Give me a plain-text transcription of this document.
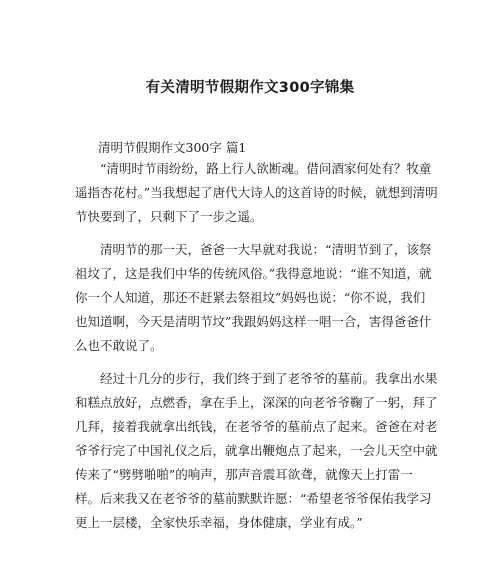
有关清明节假期作文300字锦集

清明节假期作文300字 篇1

“清明时节雨纷纷，路上行人欲断魂。借问酒家何处有？牧童
遥指杏花村。”当我想起了唐代大诗人的这首诗的时候，就想到清明
节快要到了，只剩下了一步之遥。
清明节的那一天，爸爸一大早就对我说：“清明节到了，该祭
祖坟了，这是我们中华的传统风俗。”我得意地说：“谁不知道，就
你一个人知道，那还不赶紧去祭祖坟”妈妈也说：“你不说，我们
也知道啊，今天是清明节坟”我跟妈妈这样一唱一合，害得爸爸什
么也不敢说了。
经过十几分的步行，我们终于到了老爷爷的墓前。我拿出水果
和糕点放好，点燃香，拿在手上，深深的向老爷爷鞠了一躬，拜了
几拜，接着我就拿出纸钱，在老爷爷的墓前点了起来。爸爸在对老
爷爷行完了中国礼仪之后，就拿出鞭炮点了起来，一会儿天空中就
传来了“劈劈啪啪”的响声，那声音震耳欲聋，就像天上打雷一
样。后来我又在老爷爷的墓前默默许愿：“希望老爷爷保佑我学习
更上一层楼，全家快乐幸福，身体健康，学业有成。”
